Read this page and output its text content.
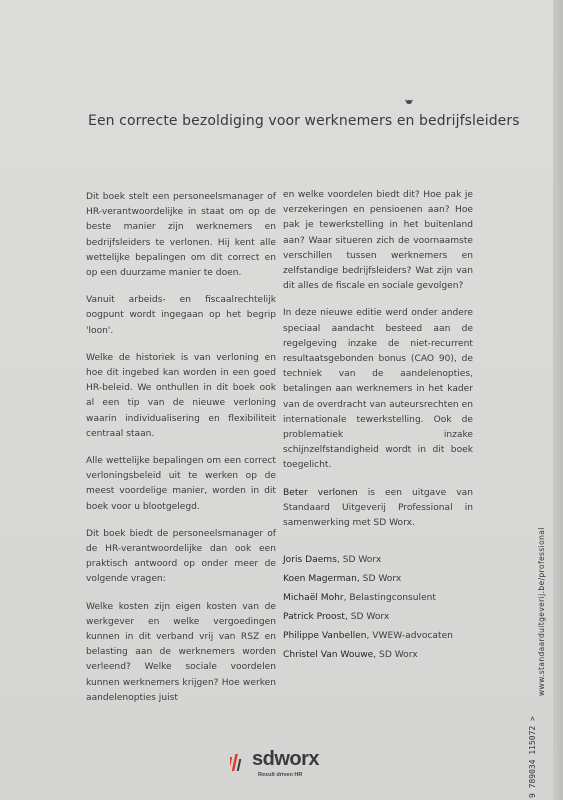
Een correcte bezoldiging voor werknemers en bedrijfsleiders

Dit boek stelt een personeelsmanager of HR-verantwoordelijke in staat om op de beste manier zijn werknemers en bedrijfsleiders te verlonen. Hij kent alle wettelijke bepalingen om dit correct en op een duurzame manier te doen.

Vanuit arbeids- en fiscaalrechtelijk oogpunt wordt ingegaan op het begrip 'loon'.

Welke de historiek is van verloning en hoe dit ingebed kan worden in een goed HR-beleid. We onthullen in dit boek ook al een tip van de nieuwe verloning waarin individualisering en flexibiliteit centraal staan.

Alle wettelijke bepalingen om een correct verloningsbeleid uit te werken op de meest voordelige manier, worden in dit boek voor u blootgelegd.

Dit boek biedt de personeelsmanager of de HR-verantwoordelijke dan ook een praktisch antwoord op onder meer de volgende vragen:

Welke kosten zijn eigen kosten van de werkgever en welke vergoedingen kunnen in dit verband vrij van RSZ en belasting aan de werknemers worden verleend? Welke sociale voordelen kunnen werknemers krijgen? Hoe werken aandelenopties juist

en welke voordelen biedt dit? Hoe pak je verzekeringen en pensioenen aan? Hoe pak je tewerkstelling in het buitenland aan? Waar situeren zich de voornaamste verschillen tussen werknemers en zelfstandige bedrijfsleiders? Wat zijn van dit alles de fiscale en sociale gevolgen?

In deze nieuwe editie werd onder andere speciaal aandacht besteed aan de regelgeving inzake de niet-recurrent resultaatsgebonden bonus (CAO 90), de techniek van de aandelenopties, betalingen aan werknemers in het kader van de overdracht van auteursrechten en internationale tewerkstelling. Ook de problematiek inzake schijnzelfstandigheid wordt in dit boek toegelicht.

Beter verlonen is een uitgave van Standaard Uitgeverij Professional in samenwerking met SD Worx.

Joris Daems, SD Worx
Koen Magerman, SD Worx
Michaël Mohr, Belastingconsulent
Patrick Proost, SD Worx
Philippe Vanbellen, VWEW-advocaten
Christel Van Wouwe, SD Worx	www.standaarduitgeverij.be/professional
9 789034 115072 >
sdworx
Result driven HR
